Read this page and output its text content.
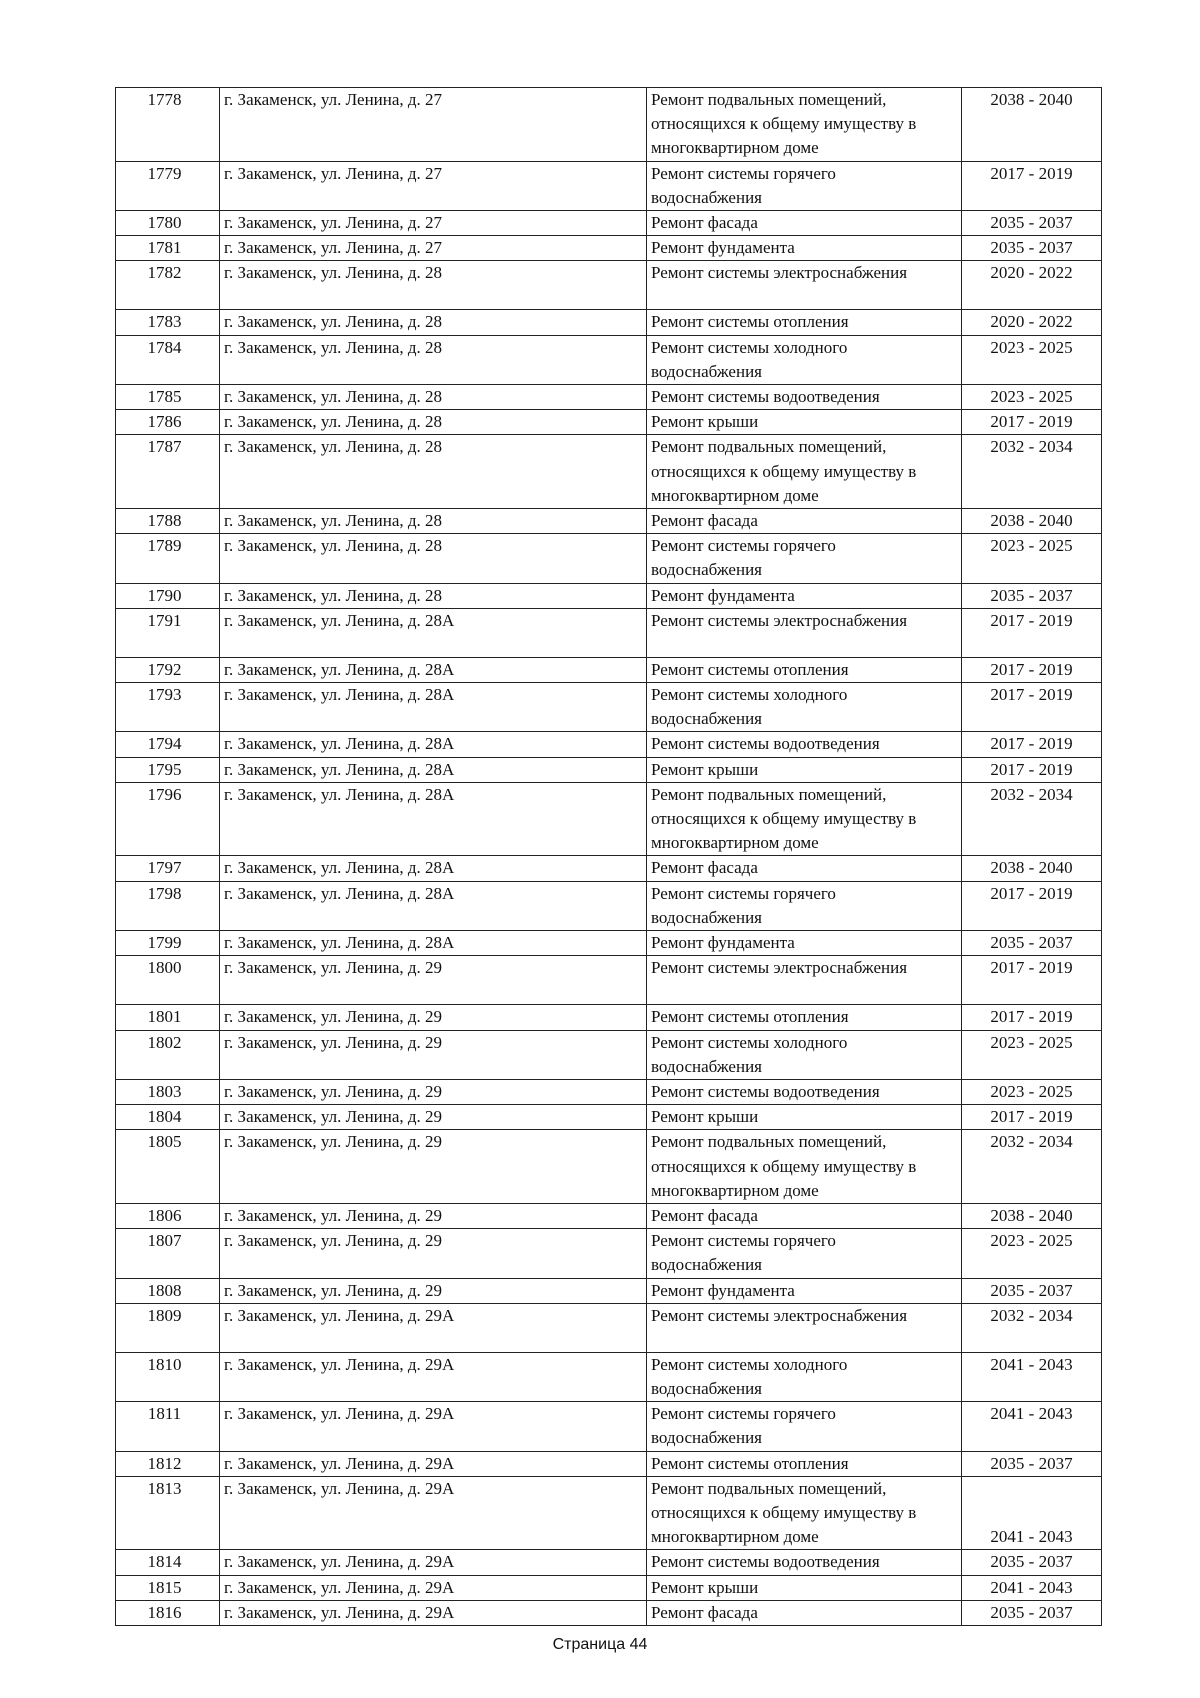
1778	г. Закаменск, ул. Ленина, д. 27	Ремонт подвальных помещений,
относящихся к общему имуществу в
многоквартирном доме	2038 - 2040
1779	г. Закаменск, ул. Ленина, д. 27	Ремонт системы горячего
водоснабжения	2017 - 2019
1780	г. Закаменск, ул. Ленина, д. 27	Ремонт фасада	2035 - 2037
1781	г. Закаменск, ул. Ленина, д. 27	Ремонт фундамента	2035 - 2037
1782	г. Закаменск, ул. Ленина, д. 28	Ремонт системы электроснабжения	2020 - 2022
1783	г. Закаменск, ул. Ленина, д. 28	Ремонт системы отопления	2020 - 2022
1784	г. Закаменск, ул. Ленина, д. 28	Ремонт системы холодного
водоснабжения	2023 - 2025
1785	г. Закаменск, ул. Ленина, д. 28	Ремонт системы водоотведения	2023 - 2025
1786	г. Закаменск, ул. Ленина, д. 28	Ремонт крыши	2017 - 2019
1787	г. Закаменск, ул. Ленина, д. 28	Ремонт подвальных помещений,
относящихся к общему имуществу в
многоквартирном доме	2032 - 2034
1788	г. Закаменск, ул. Ленина, д. 28	Ремонт фасада	2038 - 2040
1789	г. Закаменск, ул. Ленина, д. 28	Ремонт системы горячего
водоснабжения	2023 - 2025
1790	г. Закаменск, ул. Ленина, д. 28	Ремонт фундамента	2035 - 2037
1791	г. Закаменск, ул. Ленина, д. 28А	Ремонт системы электроснабжения	2017 - 2019
1792	г. Закаменск, ул. Ленина, д. 28А	Ремонт системы отопления	2017 - 2019
1793	г. Закаменск, ул. Ленина, д. 28А	Ремонт системы холодного
водоснабжения	2017 - 2019
1794	г. Закаменск, ул. Ленина, д. 28А	Ремонт системы водоотведения	2017 - 2019
1795	г. Закаменск, ул. Ленина, д. 28А	Ремонт крыши	2017 - 2019
1796	г. Закаменск, ул. Ленина, д. 28А	Ремонт подвальных помещений,
относящихся к общему имуществу в
многоквартирном доме	2032 - 2034
1797	г. Закаменск, ул. Ленина, д. 28А	Ремонт фасада	2038 - 2040
1798	г. Закаменск, ул. Ленина, д. 28А	Ремонт системы горячего
водоснабжения	2017 - 2019
1799	г. Закаменск, ул. Ленина, д. 28А	Ремонт фундамента	2035 - 2037
1800	г. Закаменск, ул. Ленина, д. 29	Ремонт системы электроснабжения	2017 - 2019
1801	г. Закаменск, ул. Ленина, д. 29	Ремонт системы отопления	2017 - 2019
1802	г. Закаменск, ул. Ленина, д. 29	Ремонт системы холодного
водоснабжения	2023 - 2025
1803	г. Закаменск, ул. Ленина, д. 29	Ремонт системы водоотведения	2023 - 2025
1804	г. Закаменск, ул. Ленина, д. 29	Ремонт крыши	2017 - 2019
1805	г. Закаменск, ул. Ленина, д. 29	Ремонт подвальных помещений,
относящихся к общему имуществу в
многоквартирном доме	2032 - 2034
1806	г. Закаменск, ул. Ленина, д. 29	Ремонт фасада	2038 - 2040
1807	г. Закаменск, ул. Ленина, д. 29	Ремонт системы горячего
водоснабжения	2023 - 2025
1808	г. Закаменск, ул. Ленина, д. 29	Ремонт фундамента	2035 - 2037
1809	г. Закаменск, ул. Ленина, д. 29А	Ремонт системы электроснабжения	2032 - 2034
1810	г. Закаменск, ул. Ленина, д. 29А	Ремонт системы холодного
водоснабжения	2041 - 2043
1811	г. Закаменск, ул. Ленина, д. 29А	Ремонт системы горячего
водоснабжения	2041 - 2043
1812	г. Закаменск, ул. Ленина, д. 29А	Ремонт системы отопления	2035 - 2037
1813	г. Закаменск, ул. Ленина, д. 29А	Ремонт подвальных помещений,
относящихся к общему имуществу в
многоквартирном доме	2041 - 2043
1814	г. Закаменск, ул. Ленина, д. 29А	Ремонт системы водоотведения	2035 - 2037
1815	г. Закаменск, ул. Ленина, д. 29А	Ремонт крыши	2041 - 2043
1816	г. Закаменск, ул. Ленина, д. 29А	Ремонт фасада	2035 - 2037
Страница 44
